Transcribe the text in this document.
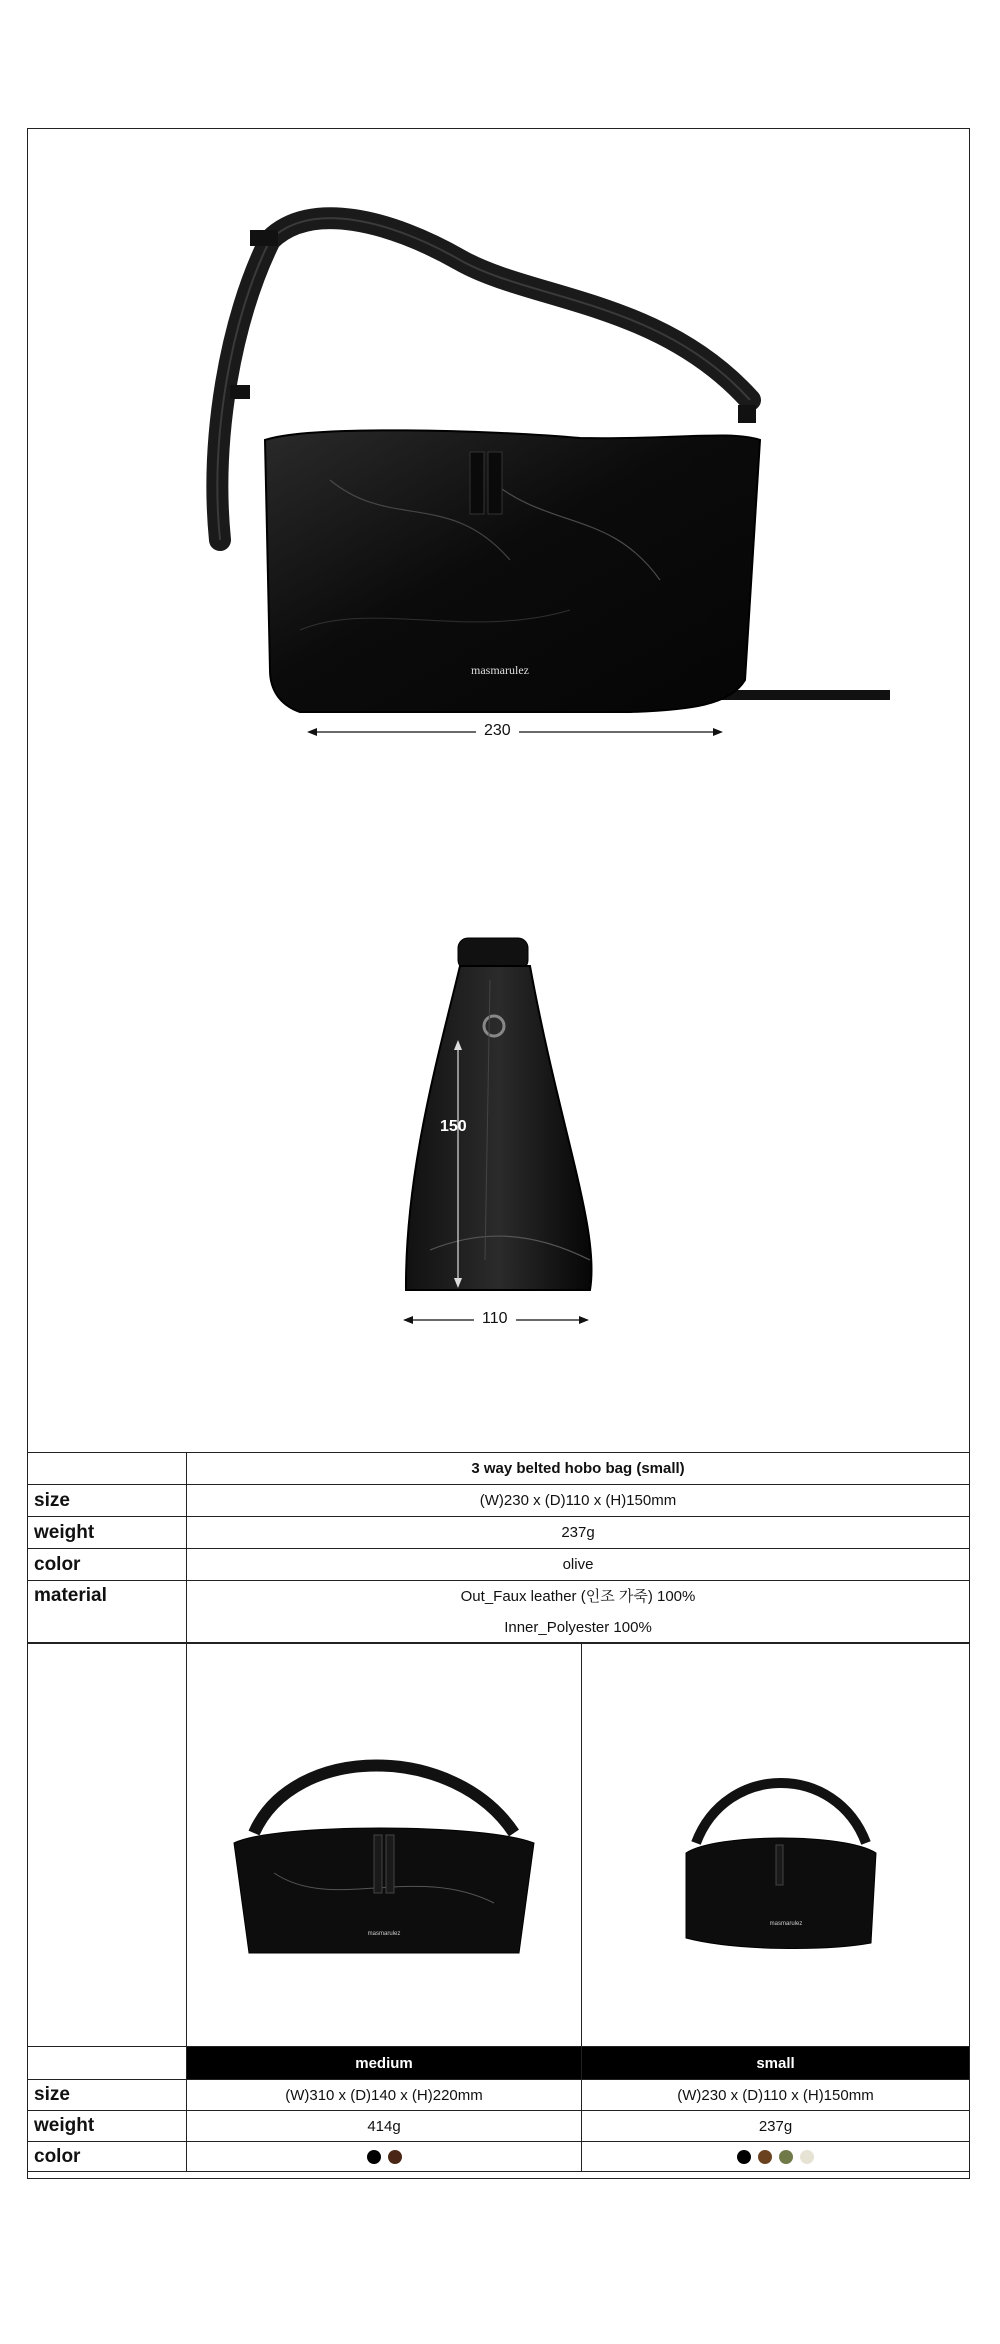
masmarulez
230
150
110
	3 way belted hobo bag (small)
size	(W)230 x (D)110 x (H)150mm
weight	237g
color	olive
material	Out_Faux leather (인조 가죽) 100%
Inner_Polyester 100%

masmarulez	masmarulez

	medium	small
size	(W)310 x (D)140 x (H)220mm	(W)230 x (D)110 x (H)150mm
weight	414g	237g
color	
